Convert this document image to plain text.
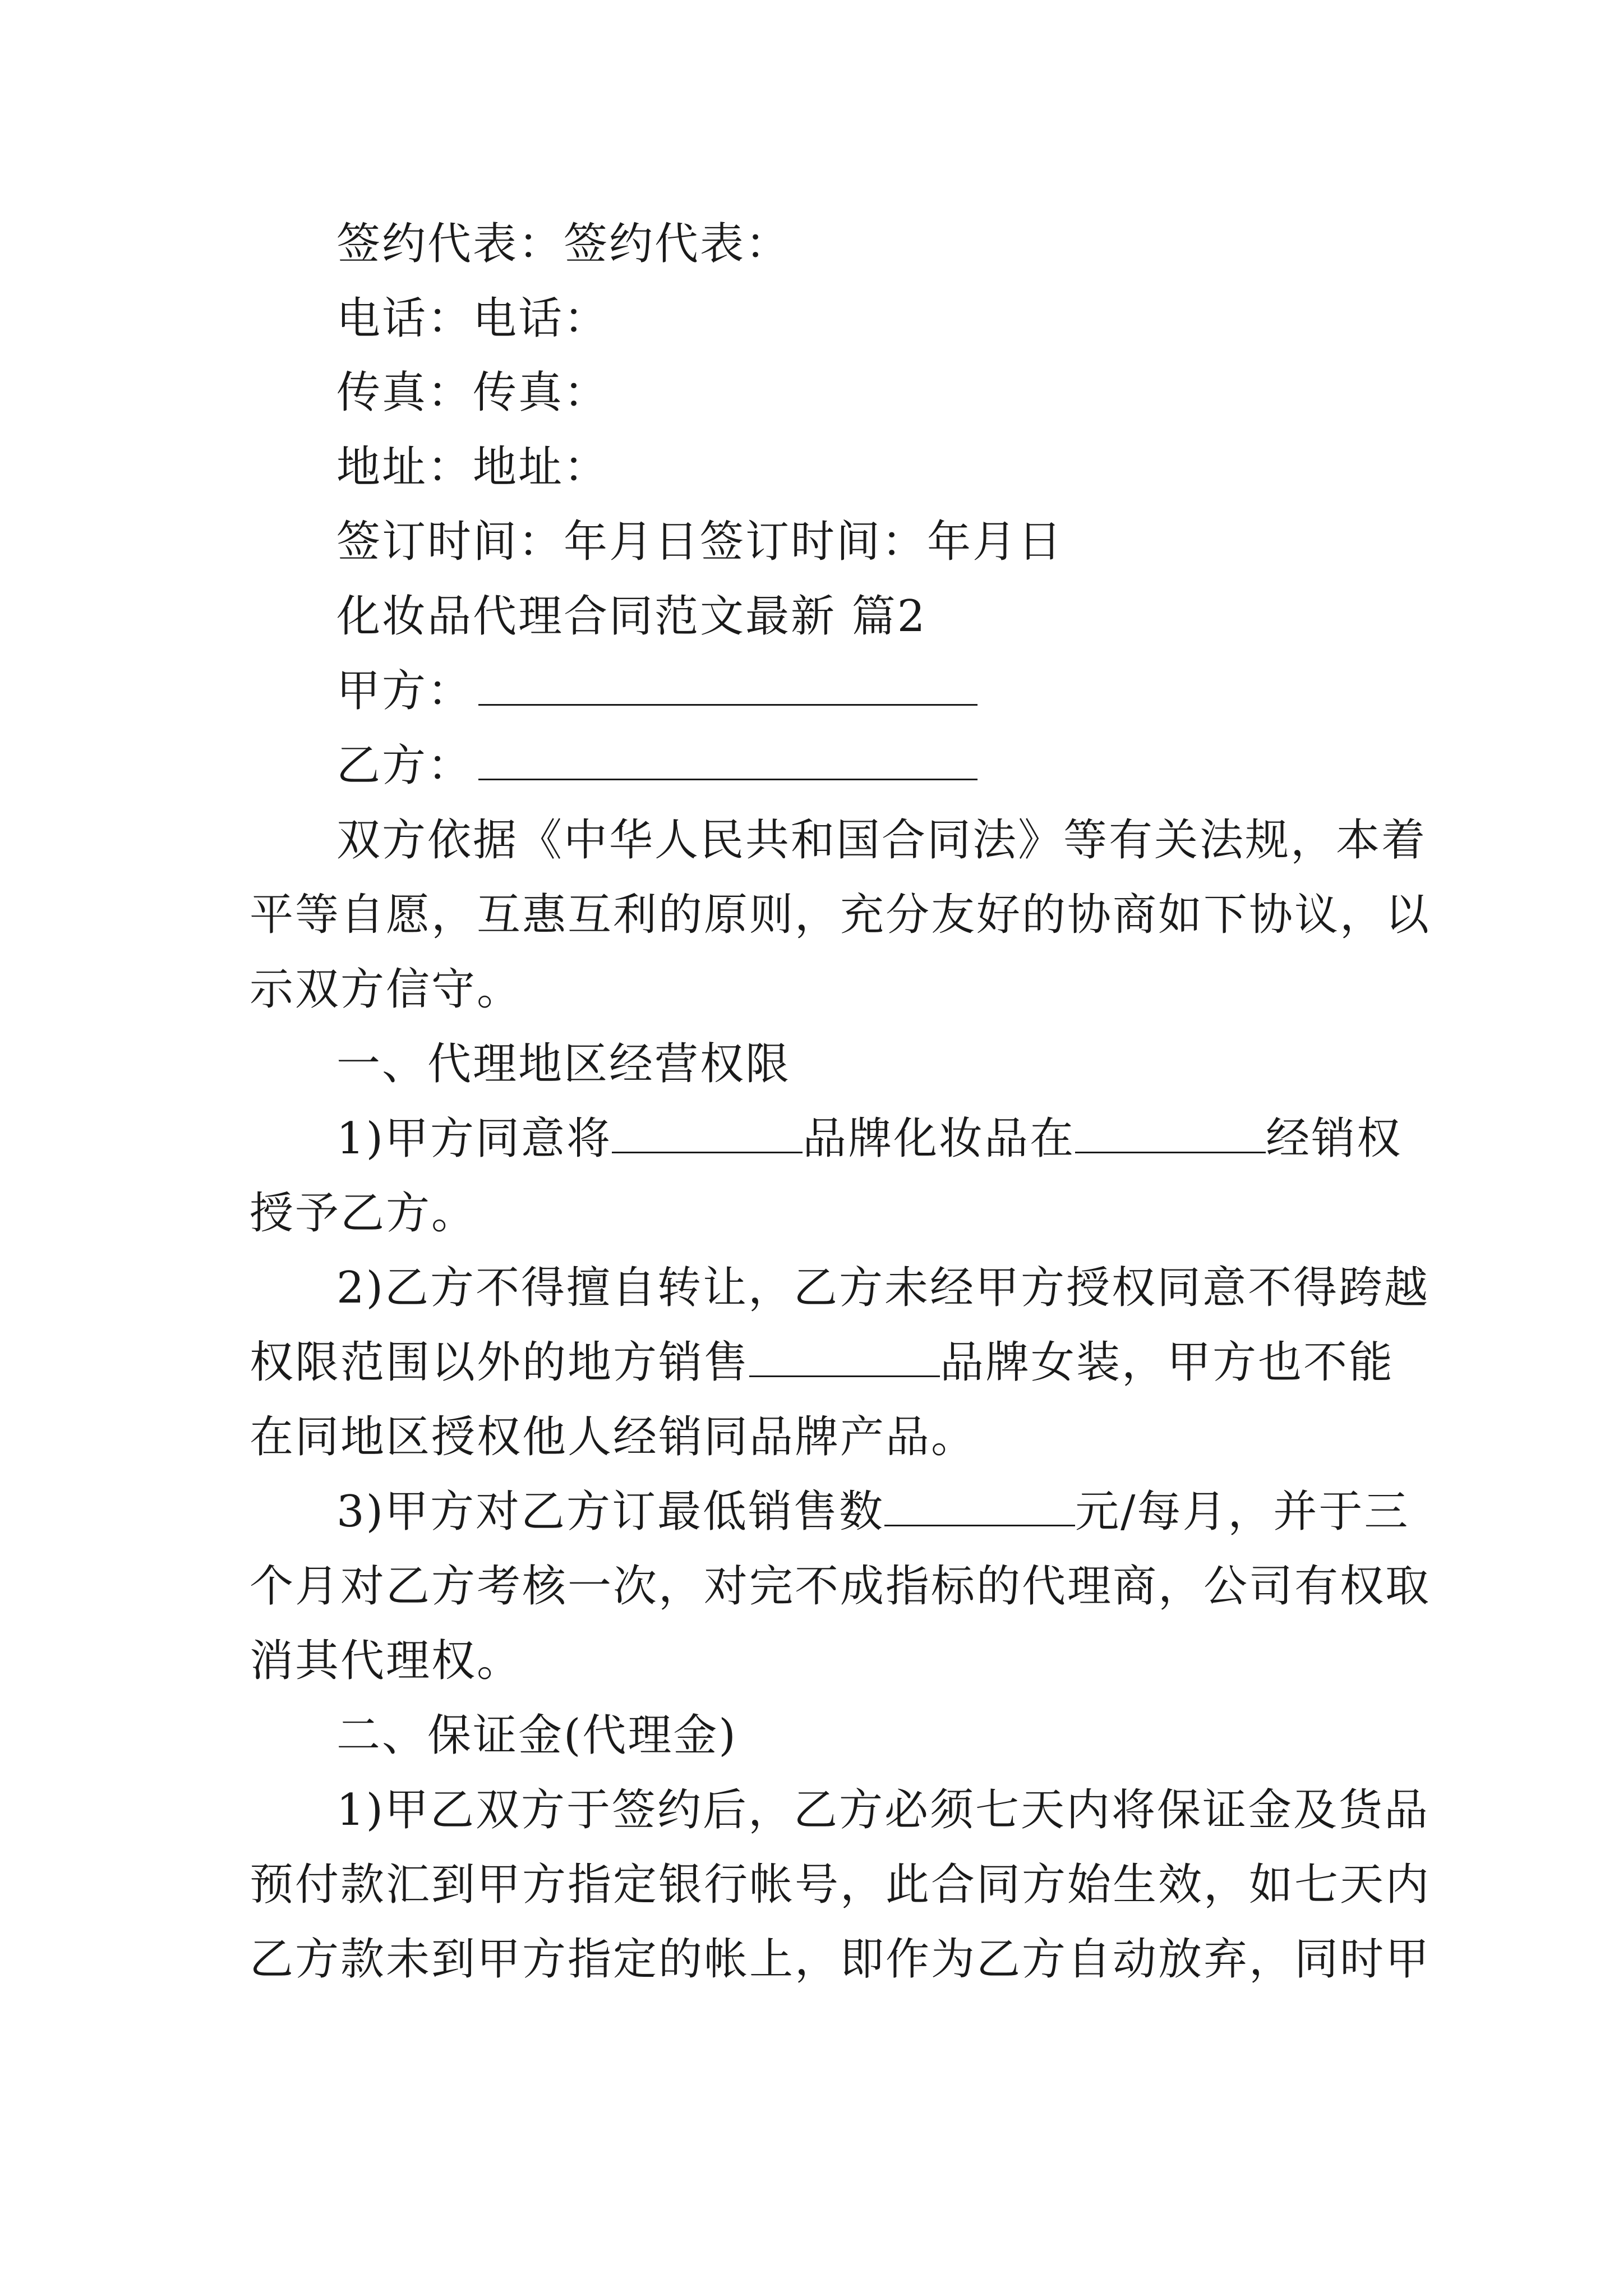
签约代表：签约代表：
电话：电话：
传真：传真：
地址：地址：
签订时间：年月日签订时间：年月日
化妆品代理合同范文最新 篇2
甲方：
乙方：
双方依据《中华人民共和国合同法》等有关法规，本着
平等自愿，互惠互利的原则，充分友好的协商如下协议，以
示双方信守。
一、代理地区经营权限
1)甲方同意将	品牌化妆品在	经销权
授予乙方。
2)乙方不得擅自转让，乙方未经甲方授权同意不得跨越
权限范围以外的地方销售	品牌女装，甲方也不能
在同地区授权他人经销同品牌产品。
3)甲方对乙方订最低销售数	元/每月，并于三
个月对乙方考核一次，对完不成指标的代理商，公司有权取
消其代理权。
二、保证金(代理金)
1)甲乙双方于签约后，乙方必须七天内将保证金及货品
预付款汇到甲方指定银行帐号，此合同方始生效，如七天内
乙方款未到甲方指定的帐上，即作为乙方自动放弃，同时甲
